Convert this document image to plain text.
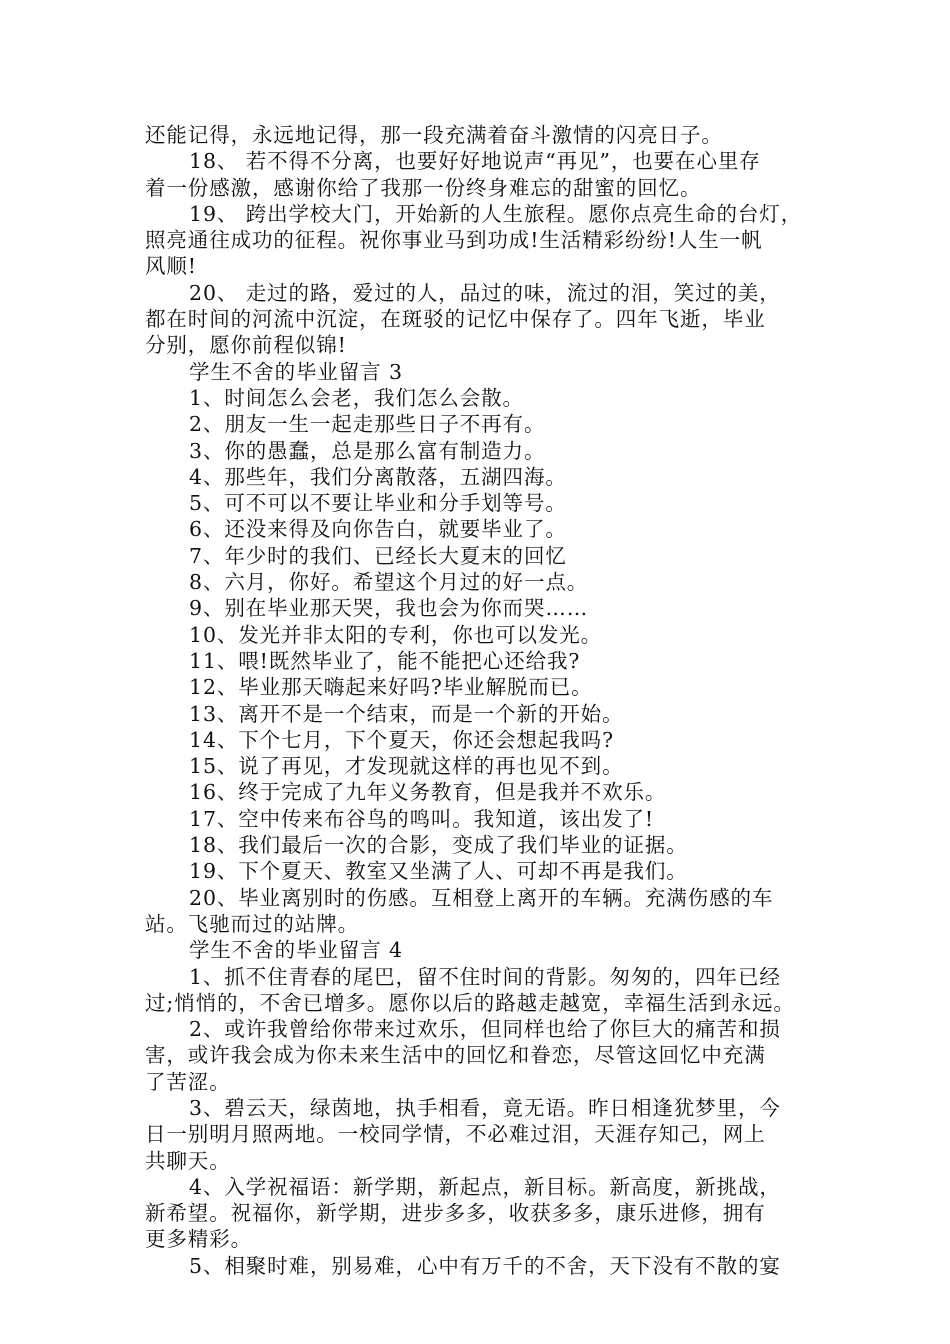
还能记得，永远地记得，那一段充满着奋斗激情的闪亮日子。
18、 若不得不分离，也要好好地说声“再见”，也要在心里存
着一份感激，感谢你给了我那一份终身难忘的甜蜜的回忆。
19、 跨出学校大门，开始新的人生旅程。愿你点亮生命的台灯，
照亮通往成功的征程。祝你事业马到功成!生活精彩纷纷!人生一帆
风顺!
20、 走过的路，爱过的人，品过的味，流过的泪，笑过的美，
都在时间的河流中沉淀，在斑驳的记忆中保存了。四年飞逝，毕业
分别，愿你前程似锦!
学生不舍的毕业留言 3
1、时间怎么会老，我们怎么会散。
2、朋友一生一起走那些日子不再有。
3、你的愚蠢，总是那么富有制造力。
4、那些年，我们分离散落，五湖四海。
5、可不可以不要让毕业和分手划等号。
6、还没来得及向你告白，就要毕业了。
7、年少时的我们、已经长大夏末的回忆
8、六月，你好。希望这个月过的好一点。
9、别在毕业那天哭，我也会为你而哭……
10、发光并非太阳的专利，你也可以发光。
11、喂!既然毕业了，能不能把心还给我?
12、毕业那天嗨起来好吗?毕业解脱而已。
13、离开不是一个结束，而是一个新的开始。
14、下个七月，下个夏天，你还会想起我吗?
15、说了再见，才发现就这样的再也见不到。
16、终于完成了九年义务教育，但是我并不欢乐。
17、空中传来布谷鸟的鸣叫。我知道，该出发了!
18、我们最后一次的合影，变成了我们毕业的证据。
19、下个夏天、教室又坐满了人、可却不再是我们。
20、毕业离别时的伤感。互相登上离开的车辆。充满伤感的车
站。飞驰而过的站牌。
学生不舍的毕业留言 4
1、抓不住青春的尾巴，留不住时间的背影。匆匆的，四年已经
过;悄悄的，不舍已增多。愿你以后的路越走越宽，幸福生活到永远。
2、或许我曾给你带来过欢乐，但同样也给了你巨大的痛苦和损
害，或许我会成为你未来生活中的回忆和眷恋，尽管这回忆中充满
了苦涩。
3、碧云天，绿茵地，执手相看，竟无语。昨日相逢犹梦里，今
日一别明月照两地。一校同学情，不必难过泪，天涯存知己，网上
共聊天。
4、入学祝福语：新学期，新起点，新目标。新高度，新挑战，
新希望。祝福你，新学期，进步多多，收获多多，康乐进修，拥有
更多精彩。
5、相聚时难，别易难，心中有万千的不舍，天下没有不散的宴
